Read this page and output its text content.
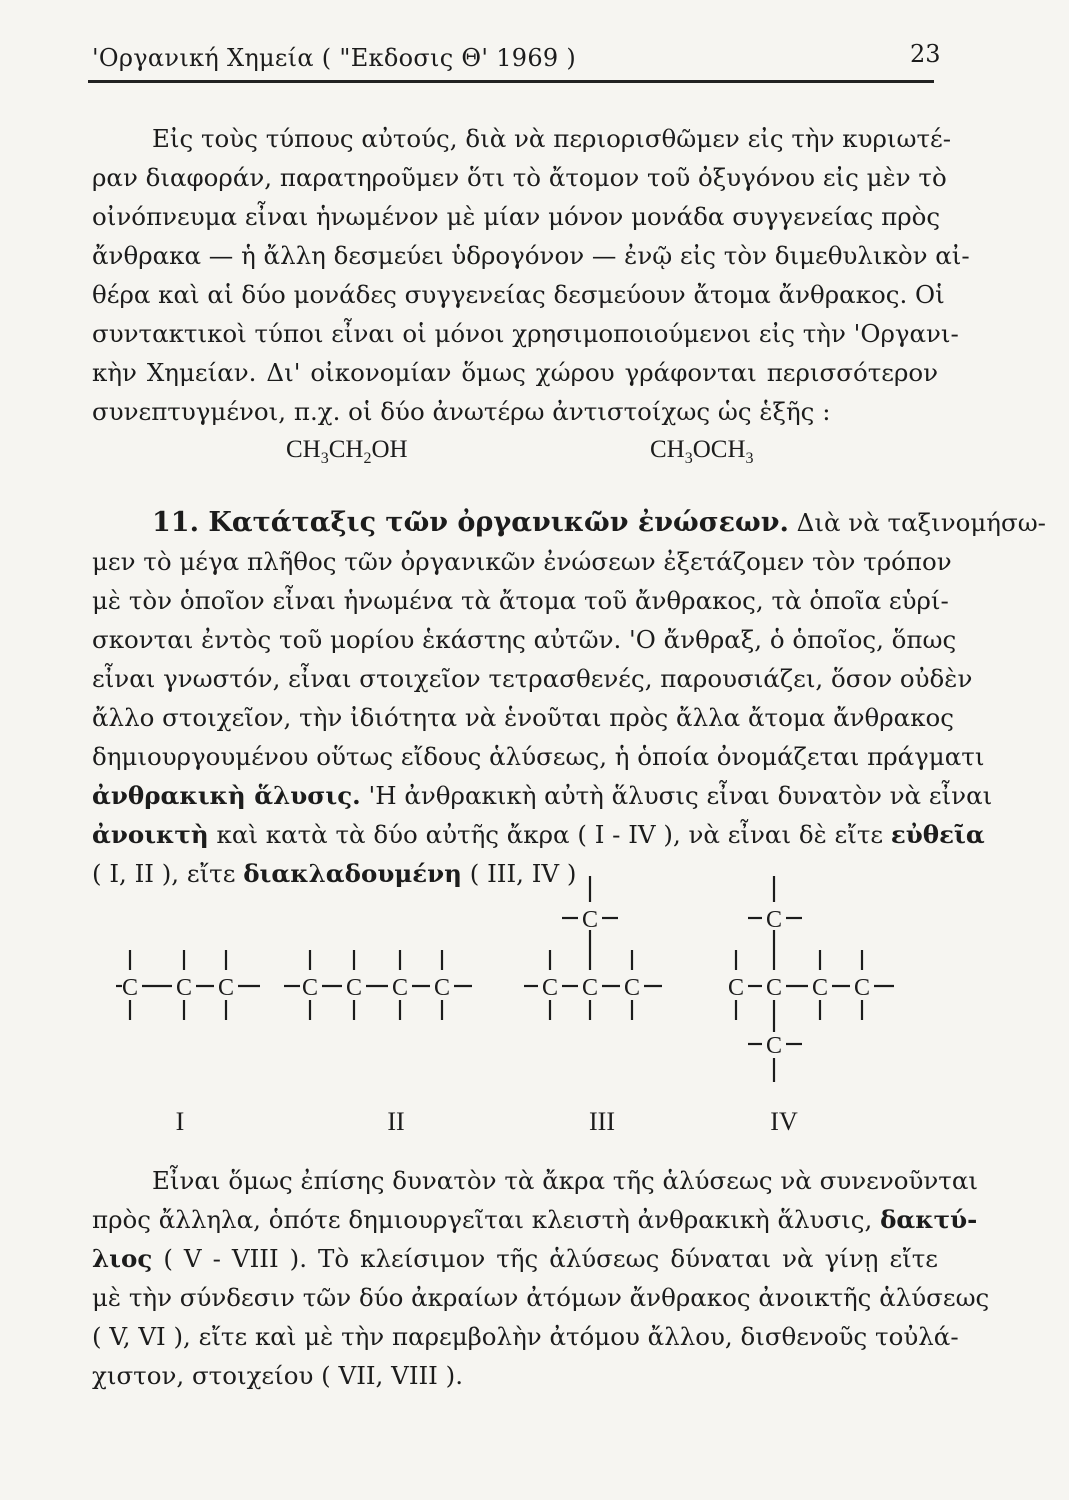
'Οργανική Χημεία ( "Εκδοσις Θ' 1969 )	23
Εἰς τοὺς τύπους αὐτούς, διὰ νὰ περιορισθῶμεν εἰς τὴν κυριωτέ-
ραν διαφοράν, παρατηροῦμεν ὅτι τὸ ἄτομον τοῦ ὀξυγόνου εἰς μὲν τὸ
οἰνόπνευμα εἶναι ἡνωμένον μὲ μίαν μόνον μονάδα συγγενείας πρὸς
ἄνθρακα — ἡ ἄλλη δεσμεύει ὑδρογόνον — ἐνῷ εἰς τὸν διμεθυλικὸν αἰ-
θέρα καὶ αἱ δύο μονάδες συγγενείας δεσμεύουν ἄτομα ἄνθρακος. Οἱ
συντακτικοὶ τύποι εἶναι οἱ μόνοι χρησιμοποιούμενοι εἰς τὴν 'Οργανι-
κὴν Χημείαν. Δι' οἰκονομίαν ὅμως χώρου γράφονται περισσότερον
συνεπτυγμένοι, π.χ. οἱ δύο ἀνωτέρω ἀντιστοίχως ὡς ἑξῆς :
$CH_3CH_2OH$	$CH_3OCH_3$
11. Κατάταξις τῶν ὀργανικῶν ἐνώσεων. Διὰ νὰ ταξινομήσω-
μεν τὸ μέγα πλῆθος τῶν ὀργανικῶν ἐνώσεων ἐξετάζομεν τὸν τρόπον
μὲ τὸν ὁποῖον εἶναι ἡνωμένα τὰ ἄτομα τοῦ ἄνθρακος, τὰ ὁποῖα εὑρί-
σκονται ἐντὸς τοῦ μορίου ἑκάστης αὐτῶν. 'Ο ἄνθραξ, ὁ ὁποῖος, ὅπως
εἶναι γνωστόν, εἶναι στοιχεῖον τετρασθενές, παρουσιάζει, ὅσον οὐδὲν
ἄλλο στοιχεῖον, τὴν ἰδιότητα νὰ ἑνοῦται πρὸς ἄλλα ἄτομα ἄνθρακος
δημιουργουμένου οὕτως εἴδους ἁλύσεως, ἡ ὁποία ὀνομάζεται πράγματι
ἀνθρακικὴ ἅλυσις. 'Η ἀνθρακικὴ αὐτὴ ἅλυσις εἶναι δυνατὸν νὰ εἶναι
ἀνοικτὴ καὶ κατὰ τὰ δύο αὐτῆς ἄκρα ( I - IV ), νὰ εἶναι δὲ εἴτε εὐθεῖα
( I, II ), εἴτε διακλαδουμένη ( III, IV )
C C C	C C C C
C
C C C
C
C C C C
C
I	II	III	IV
Εἶναι ὅμως ἐπίσης δυνατὸν τὰ ἄκρα τῆς ἁλύσεως νὰ συνενοῦνται
πρὸς ἄλληλα, ὁπότε δημιουργεῖται κλειστὴ ἀνθρακικὴ ἅλυσις, δακτύ-
λιος ( V - VIII ). Τὸ κλείσιμον τῆς ἁλύσεως δύναται νὰ γίνῃ εἴτε
μὲ τὴν σύνδεσιν τῶν δύο ἀκραίων ἀτόμων ἄνθρακος ἀνοικτῆς ἁλύσεως
( V, VI ), εἴτε καὶ μὲ τὴν παρεμβολὴν ἀτόμου ἄλλου, δισθενοῦς τοὐλά-
χιστον, στοιχείου ( VII, VIII ).
